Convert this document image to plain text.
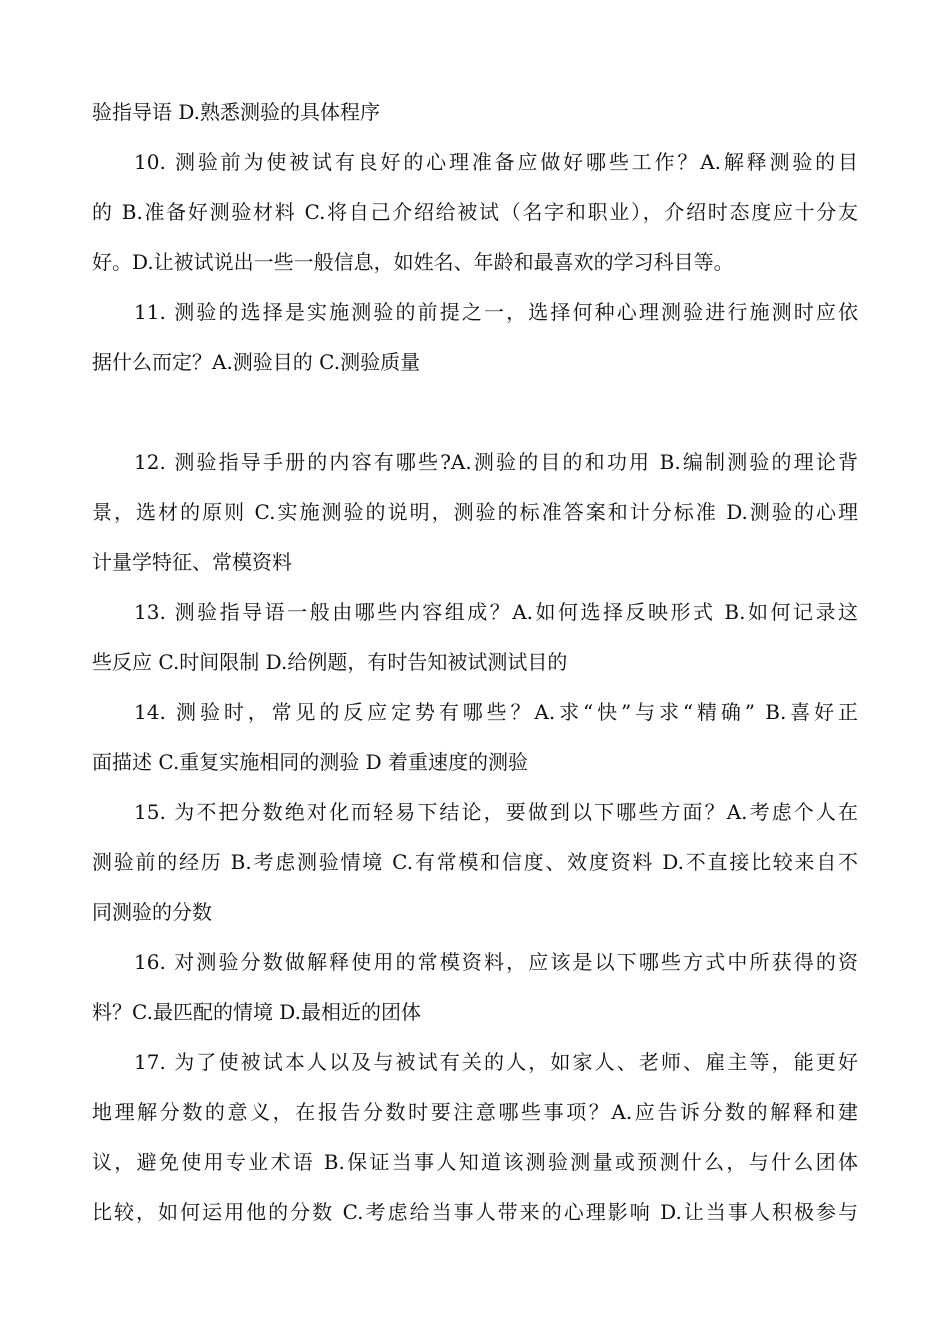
验指导语 D.熟悉测验的具体程序
10. 测验前为使被试有良好的心理准备应做好哪些工作？A.解释测验的目
的 B.准备好测验材料 C.将自己介绍给被试（名字和职业），介绍时态度应十分友
好。D.让被试说出一些一般信息，如姓名、年龄和最喜欢的学习科目等。
11. 测验的选择是实施测验的前提之一，选择何种心理测验进行施测时应依
据什么而定？A.测验目的 C.测验质量
12. 测验指导手册的内容有哪些?A.测验的目的和功用 B.编制测验的理论背
景，选材的原则 C.实施测验的说明，测验的标准答案和计分标准 D.测验的心理
计量学特征、常模资料
13. 测验指导语一般由哪些内容组成？A.如何选择反映形式 B.如何记录这
些反应 C.时间限制 D.给例题，有时告知被试测试目的
14. 测验时，常见的反应定势有哪些？A.求“快”与求“精确” B.喜好正
面描述 C.重复实施相同的测验 D 着重速度的测验
15. 为不把分数绝对化而轻易下结论，要做到以下哪些方面？A.考虑个人在
测验前的经历 B.考虑测验情境 C.有常模和信度、效度资料 D.不直接比较来自不
同测验的分数
16. 对测验分数做解释使用的常模资料，应该是以下哪些方式中所获得的资
料？C.最匹配的情境 D.最相近的团体
17. 为了使被试本人以及与被试有关的人，如家人、老师、雇主等，能更好
地理解分数的意义，在报告分数时要注意哪些事项？A.应告诉分数的解释和建
议，避免使用专业术语 B.保证当事人知道该测验测量或预测什么，与什么团体
比较，如何运用他的分数 C.考虑给当事人带来的心理影响 D.让当事人积极参与
